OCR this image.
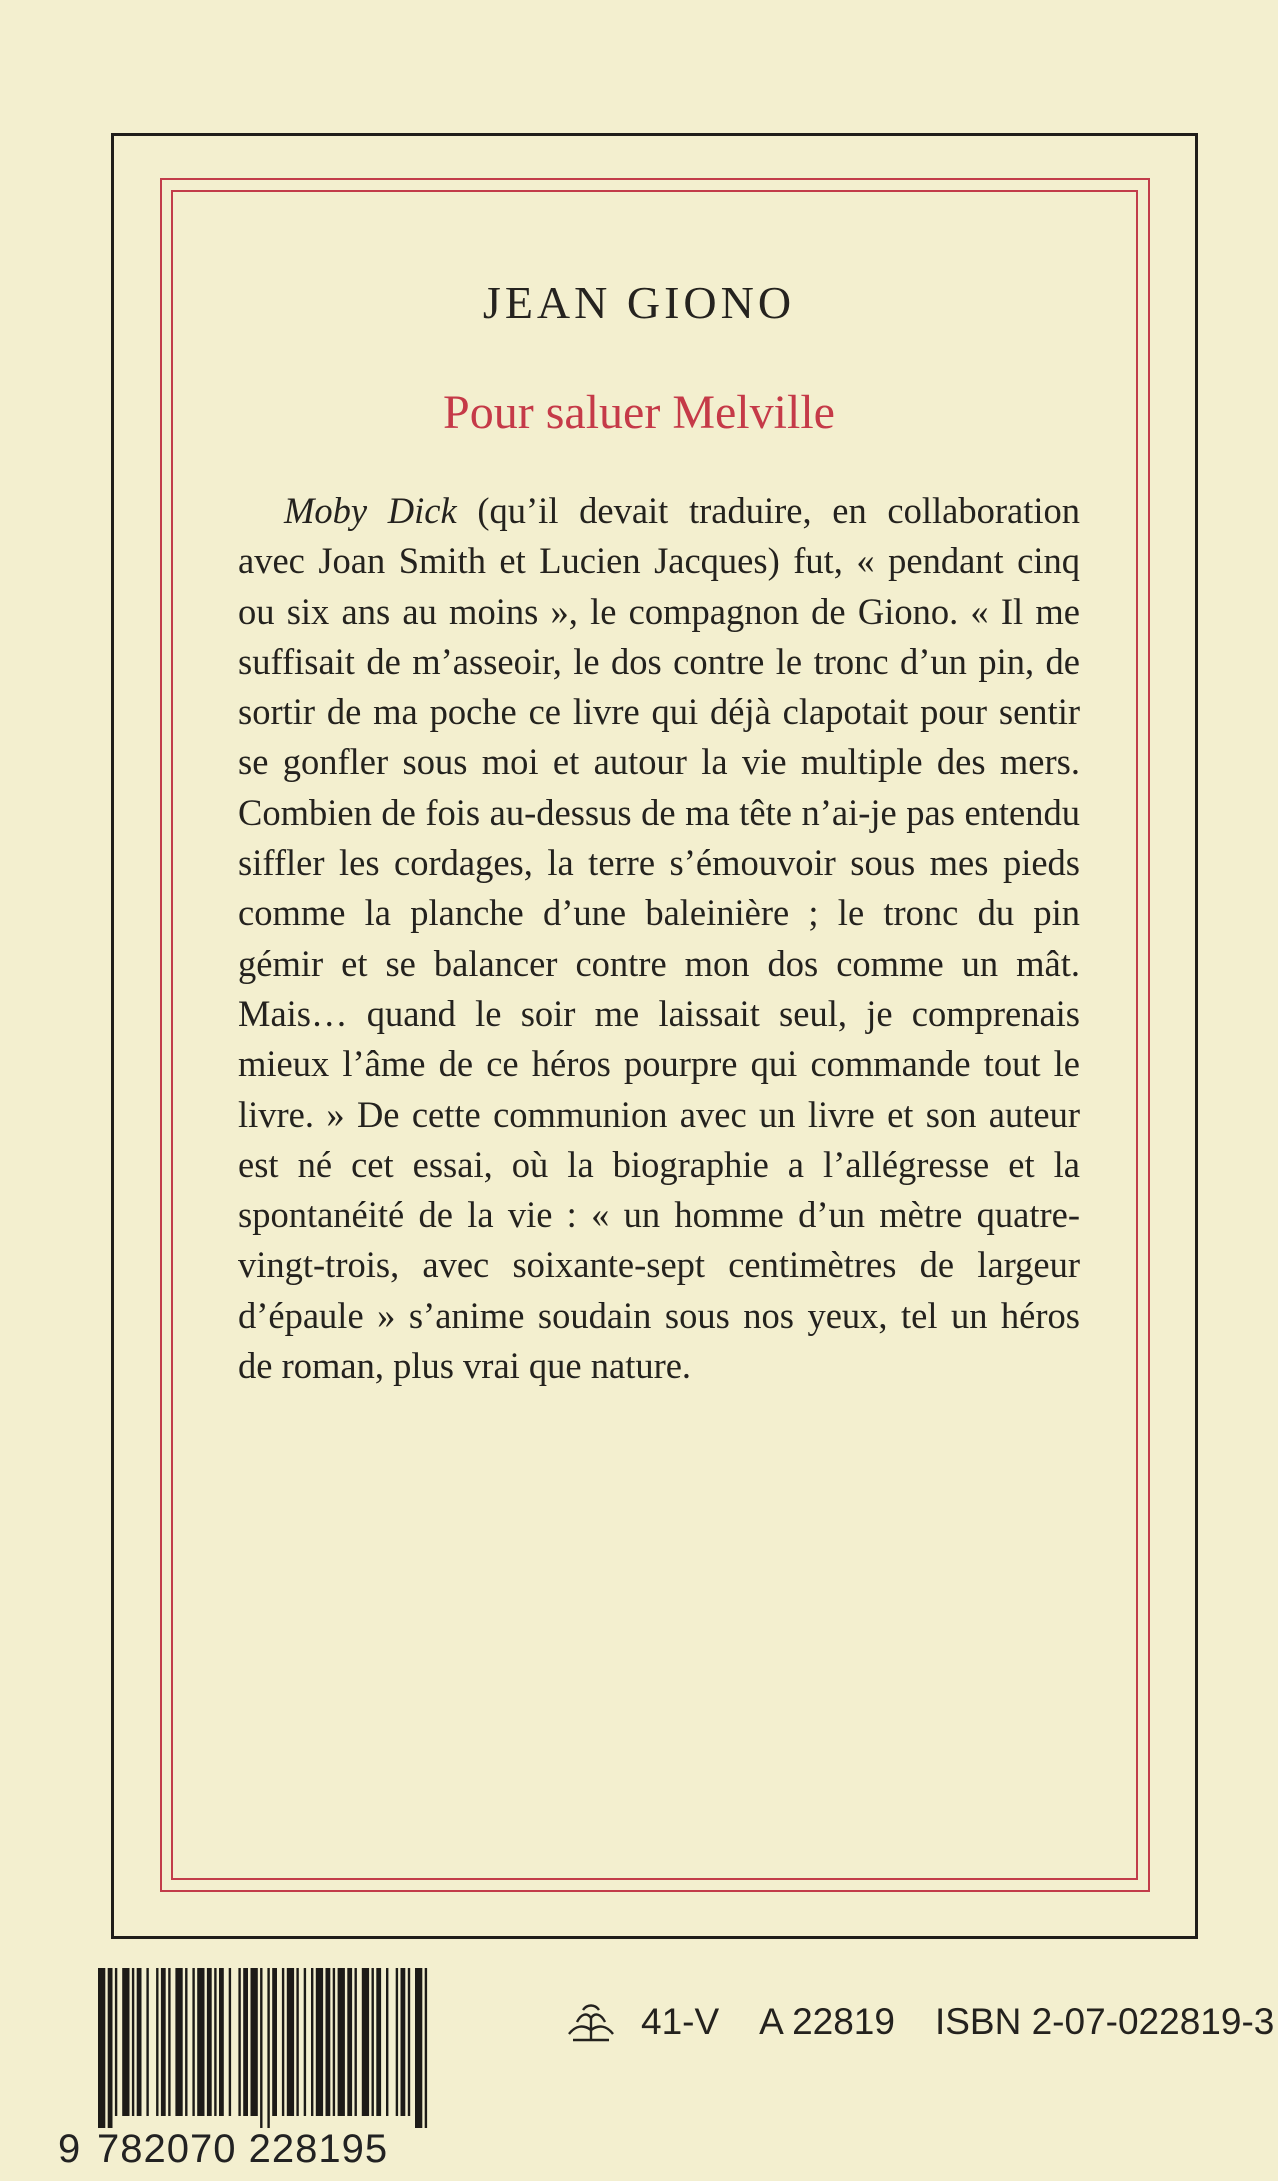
JEAN GIONO
Pour saluer Melville

Moby Dick (qu’il devait traduire, en collaboration avec Joan Smith et Lucien Jacques) fut, « pendant cinq ou six ans au moins », le compagnon de Giono. « Il me suffisait de m’asseoir, le dos contre le tronc d’un pin, de sortir de ma poche ce livre qui déjà clapotait pour sentir se gonfler sous moi et autour la vie multiple des mers. Combien de fois au-dessus de ma tête n’ai-je pas entendu siffler les cordages, la terre s’émouvoir sous mes pieds comme la planche d’une baleinière ; le tronc du pin gémir et se balancer contre mon dos comme un mât. Mais… quand le soir me laissait seul, je comprenais mieux l’âme de ce héros pourpre qui commande tout le livre. » De cette communion avec un livre et son auteur est né cet essai, où la biographie a l’allégresse et la spontanéité de la vie : « un homme d’un mètre quatre-vingt-trois, avec soixante-sept centimètres de largeur d’épaule » s’anime soudain sous nos yeux, tel un héros de roman, plus vrai que nature.

9 782070 228195
41-V A 22819 ISBN 2-07-022819-3
